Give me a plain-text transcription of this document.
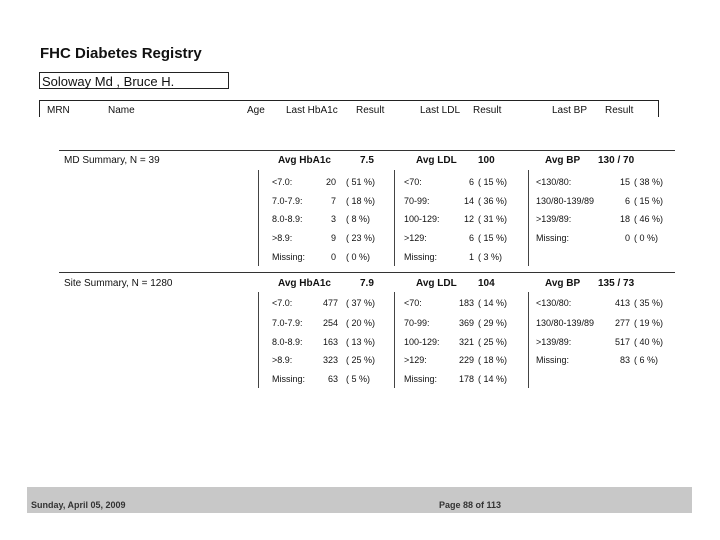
FHC Diabetes Registry
Soloway Md , Bruce H.
MRN	Name	Age Last HbA1c Result	Last LDL Result	Last BP Result
MD Summary, N = 39	Avg HbA1c	7.5	Avg LDL 100	Avg BP 130 / 70
<7.0:	20 ( 51 %)
7.0-7.9:	7 ( 18 %)
8.0-8.9:	3 ( 8 %)
>8.9:	9 ( 23 %)
Missing:	0 ( 0 %)
<70:	6 ( 15 %)
70-99:	14 ( 36 %)
100-129:	12 ( 31 %)
>129:	6 ( 15 %)
Missing:	1 ( 3 %)
<130/80:	15 ( 38 %)
130/80-139/89	6 ( 15 %)
>139/89:	18 ( 46 %)
Missing:	0 ( 0 %)
Site Summary, N = 1280	Avg HbA1c	7.9	Avg LDL 104	Avg BP 135 / 73
<7.0:	477 ( 37 %)
7.0-7.9:	254 ( 20 %)
8.0-8.9:	163 ( 13 %)
>8.9:	323 ( 25 %)
Missing:	63 ( 5 %)
<70:	183 ( 14 %)
70-99:	369 ( 29 %)
100-129:	321 ( 25 %)
>129:	229 ( 18 %)
Missing:	178 ( 14 %)
<130/80:	413 ( 35 %)
130/80-139/89	277 ( 19 %)
>139/89:	517 ( 40 %)
Missing:	83 ( 6 %)
Sunday, April 05, 2009	Page 88 of 113
